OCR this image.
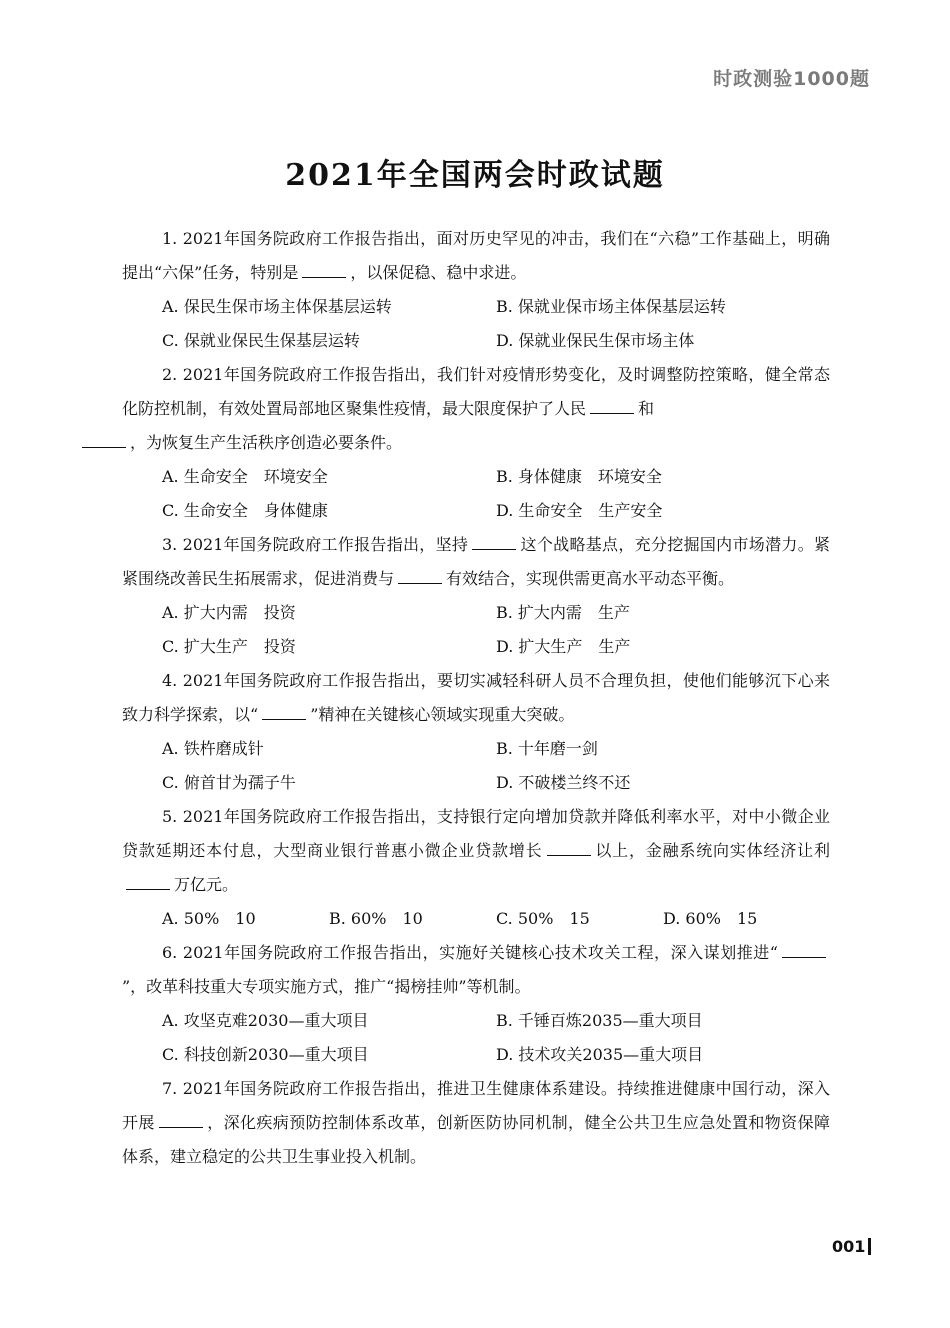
时政测验1000题
2021年全国两会时政试题

1. 2021年国务院政府工作报告指出，面对历史罕见的冲击，我们在“六稳”工作基础上，明确提出“六保”任务，特别是	，以保促稳、稳中求进。

A. 保民生保市场主体保基层运转	B. 保就业保市场主体保基层运转
C. 保就业保民生保基层运转	D. 保就业保民生保市场主体

2. 2021年国务院政府工作报告指出，我们针对疫情形势变化，及时调整防控策略，健全常态化防控机制，有效处置局部地区聚集性疫情，最大限度保护了人民	和
，为恢复生产生活秩序创造必要条件。

A. 生命安全　环境安全	B. 身体健康　环境安全
C. 生命安全　身体健康	D. 生命安全　生产安全

3. 2021年国务院政府工作报告指出，坚持	这个战略基点，充分挖掘国内市场潜力。紧紧围绕改善民生拓展需求，促进消费与	有效结合，实现供需更高水平动态平衡。

A. 扩大内需　投资	B. 扩大内需　生产
C. 扩大生产　投资	D. 扩大生产　生产

4. 2021年国务院政府工作报告指出，要切实减轻科研人员不合理负担，使他们能够沉下心来致力科学探索，以“	”精神在关键核心领域实现重大突破。

A. 铁杵磨成针	B. 十年磨一剑
C. 俯首甘为孺子牛	D. 不破楼兰终不还

5. 2021年国务院政府工作报告指出，支持银行定向增加贷款并降低利率水平，对中小微企业贷款延期还本付息，大型商业银行普惠小微企业贷款增长	以上，金融系统向实体经济让利万亿元。

A. 50%　10	B. 60%　10	C. 50%　15	D. 60%　15

6. 2021年国务院政府工作报告指出，实施好关键核心技术攻关工程，深入谋划推进“”，改革科技重大专项实施方式，推广“揭榜挂帅”等机制。

A. 攻坚克难2030—重大项目	B. 千锤百炼2035—重大项目
C. 科技创新2030—重大项目	D. 技术攻关2035—重大项目

7. 2021年国务院政府工作报告指出，推进卫生健康体系建设。持续推进健康中国行动，深入开展	，深化疾病预防控制体系改革，创新医防协同机制，健全公共卫生应急处置和物资保障体系，建立稳定的公共卫生事业投入机制。

001
